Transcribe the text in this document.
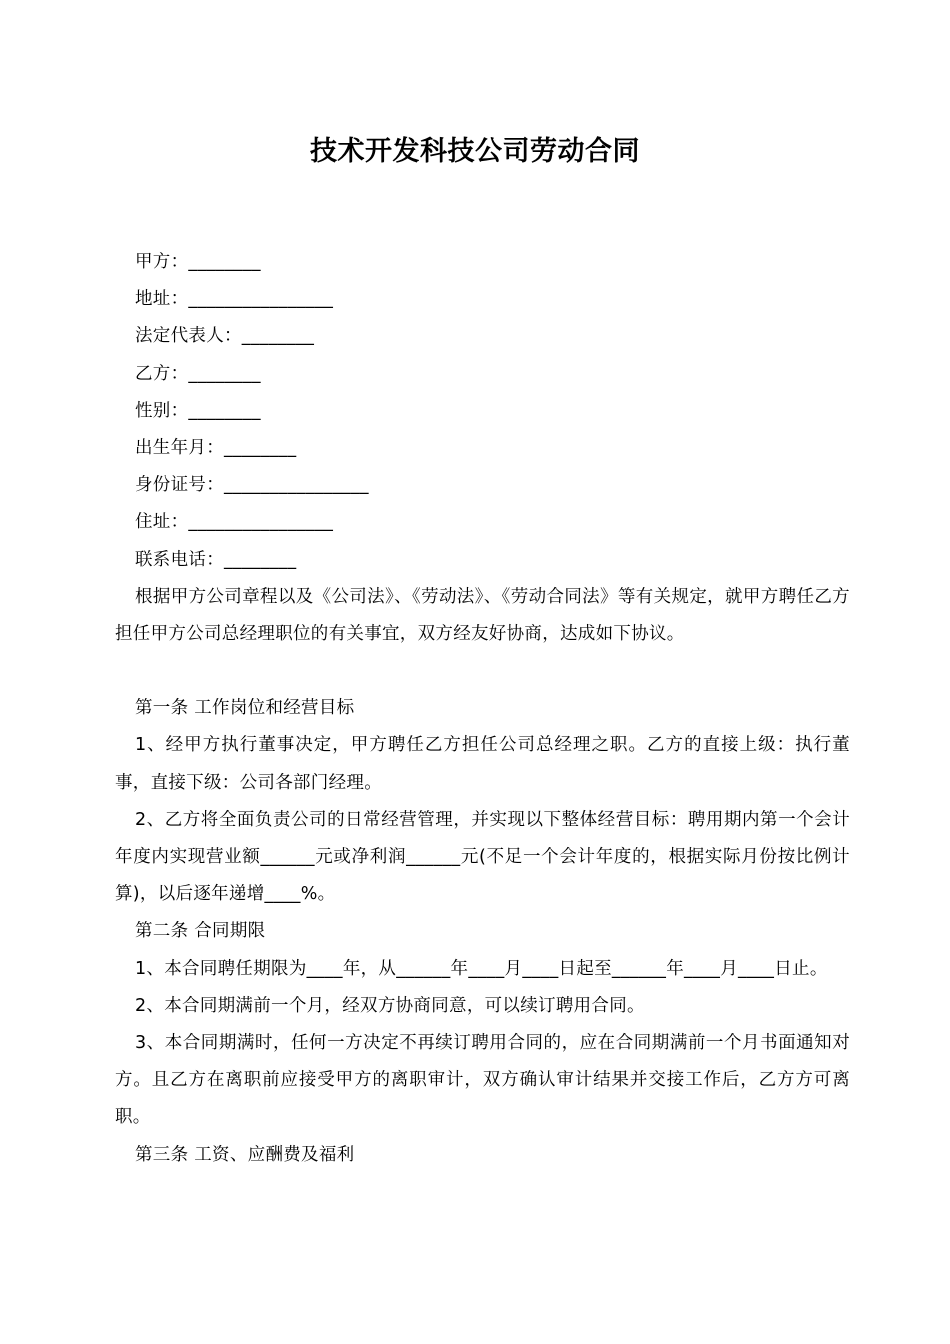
技术开发科技公司劳动合同

甲方：________

地址：________________

法定代表人：________

乙方：________

性别：________

出生年月：________

身份证号：________________

住址：________________

联系电话：________

根据甲方公司章程以及《公司法》、《劳动法》、《劳动合同法》等有关规定，就甲方聘任乙方担任甲方公司总经理职位的有关事宜，双方经友好协商，达成如下协议。

第一条 工作岗位和经营目标

1、经甲方执行董事决定，甲方聘任乙方担任公司总经理之职。乙方的直接上级：执行董事，直接下级：公司各部门经理。

2、乙方将全面负责公司的日常经营管理，并实现以下整体经营目标：聘用期内第一个会计年度内实现营业额______元或净利润______元(不足一个会计年度的，根据实际月份按比例计算)，以后逐年递增____%。

第二条 合同期限

1、本合同聘任期限为____年，从______年____月____日起至______年____月____日止。

2、本合同期满前一个月，经双方协商同意，可以续订聘用合同。

3、本合同期满时，任何一方决定不再续订聘用合同的，应在合同期满前一个月书面通知对方。且乙方在离职前应接受甲方的离职审计，双方确认审计结果并交接工作后，乙方方可离职。

第三条 工资、应酬费及福利
